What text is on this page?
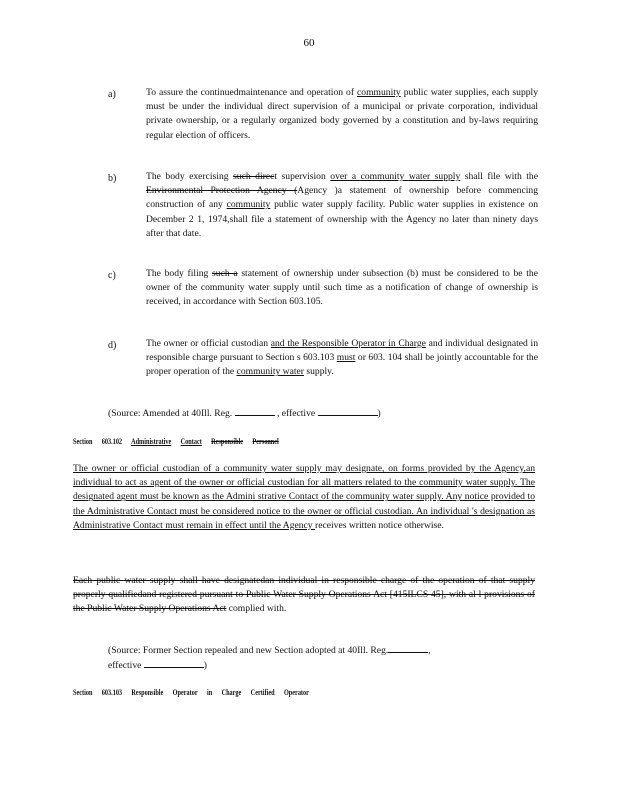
60
a)	To assure the continuedmaintenance and operation of community public water supplies, each supply must be under the individual direct supervision of a municipal or private corporation, individual private ownership, or a regularly organized body governed by a constitution and by-laws requiring regular election of officers.
b)	The body exercising such direct supervision over a community water supply shall file with the Environmental Protection Agency (Agency )a statement of ownership before commencing construction of any community public water supply facility. Public water supplies in existence on December 2 1, 1974,shall file a statement of ownership with the Agency no later than ninety days after that date.
c)	The body filing such a statement of ownership under subsection (b) must be considered to be the owner of the community water supply until such time as a notification of change of ownership is received, in accordance with Section 603.105.
d)	The owner or official custodian and the Responsible Operator in Charge and individual designated in responsible charge pursuant to Section s 603.103 must or 603. 104 shall be jointly accountable for the proper operation of the community water supply.
(Source: Amended at 40Ill. Reg.	, effective	)
Section 603.102 Administrative Contact Responsible Personnel
The owner or official custodian of a community water supply may designate, on forms provided by the Agency,an individual to act as agent of the owner or official custodian for all matters related to the community water supply. The designated agent must be known as the Admini strative Contact of the community water supply. Any notice provided to the Administrative Contact must be considered notice to the owner or official custodian. An individual 's designation as Administrative Contact must remain in effect until the Agency receives written notice otherwise.
Each public water supply shall have designatedan individual in responsible charge of the operation of that supply properly qualifiedand registered pursuant to Public Water Supply Operations Act [415ILCS 45], with al l provisions of the Public Water Supply Operations Act complied with.
(Source: Former Section repealed and new Section adopted at 40Ill. Reg.	,
effective	)
Section 603.103 Responsible Operator in Charge Certified Operator
